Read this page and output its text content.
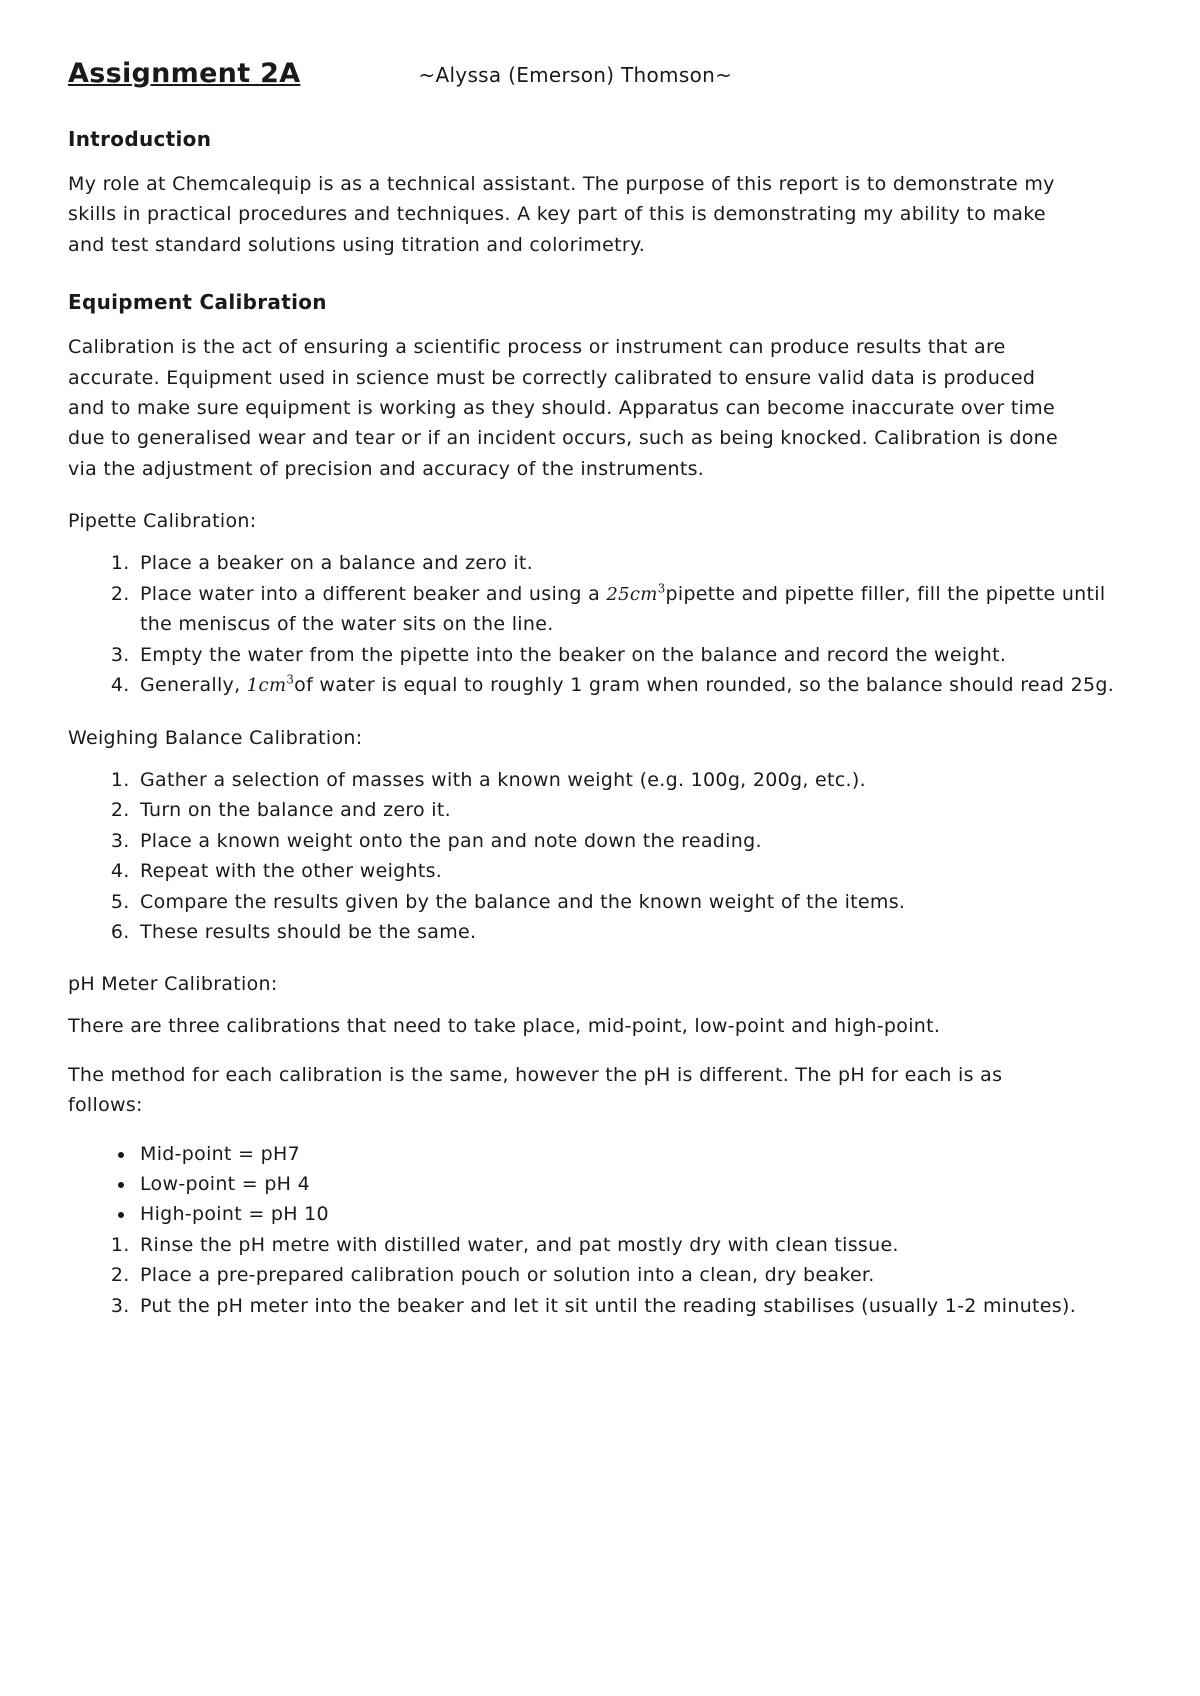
Assignment 2A	~Alyssa (Emerson) Thomson~
Introduction

My role at Chemcalequip is as a technical assistant. The purpose of this report is to demonstrate my skills in practical procedures and techniques. A key part of this is demonstrating my ability to make and test standard solutions using titration and colorimetry.

Equipment Calibration

Calibration is the act of ensuring a scientific process or instrument can produce results that are accurate. Equipment used in science must be correctly calibrated to ensure valid data is produced and to make sure equipment is working as they should. Apparatus can become inaccurate over time due to generalised wear and tear or if an incident occurs, such as being knocked. Calibration is done via the adjustment of precision and accuracy of the instruments.

Pipette Calibration:
1. Place a beaker on a balance and zero it.
2. Place water into a different beaker and using a $25cm^3pipette$ and pipette filler, fill the pipette until the meniscus of the water sits on the line.
3. Empty the water from the pipette into the beaker on the balance and record the weight.
4. Generally, $1cm^3of$ water is equal to roughly 1 gram when rounded, so the balance should read 25g.
Weighing Balance Calibration:
1. Gather a selection of masses with a known weight (e.g. 100g, 200g, etc.).
2. Turn on the balance and zero it.
3. Place a known weight onto the pan and note down the reading.
4. Repeat with the other weights.
5. Compare the results given by the balance and the known weight of the items.
6. These results should be the same.
pH Meter Calibration:

There are three calibrations that need to take place, mid-point, low-point and high-point.

The method for each calibration is the same, however the pH is different. The pH for each is as follows:

• Mid-point = pH7
• Low-point = pH 4
• High-point = pH 10
1. Rinse the pH metre with distilled water, and pat mostly dry with clean tissue.
2. Place a pre-prepared calibration pouch or solution into a clean, dry beaker.
3. Put the pH meter into the beaker and let it sit until the reading stabilises (usually 1-2 minutes).
